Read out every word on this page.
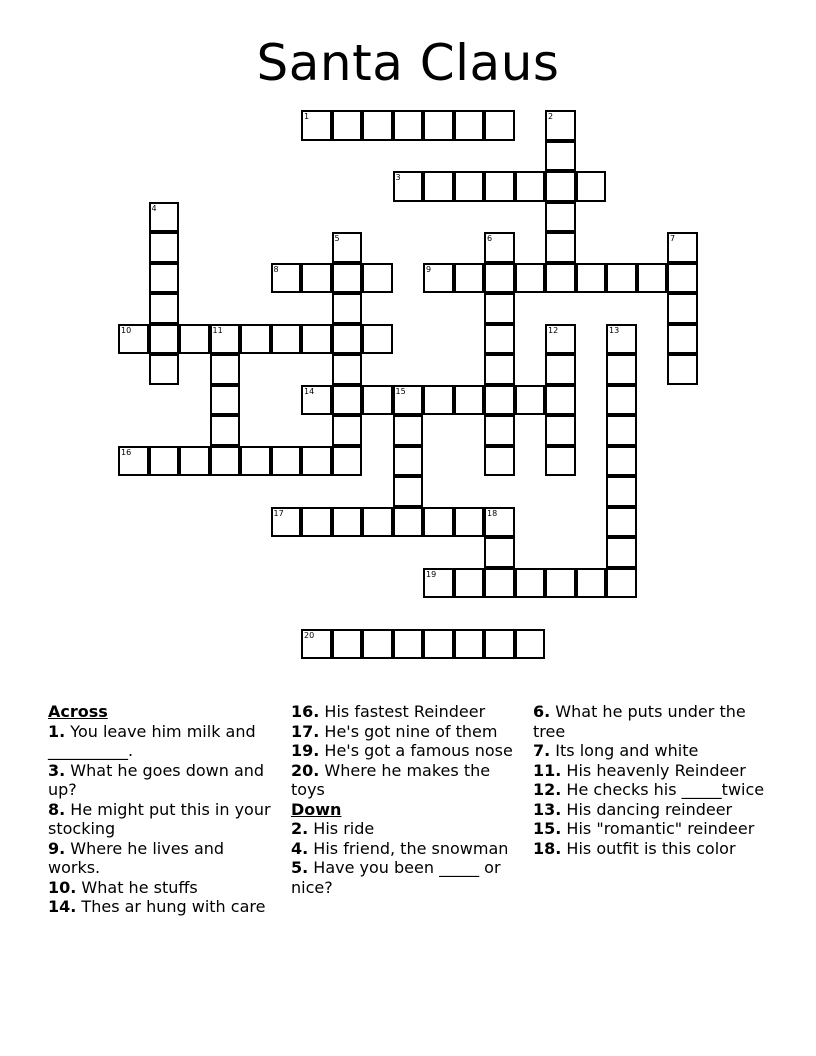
Santa Claus
1	2
3
4
5	6	7
8	9
10	11	12	13
14	15
16
17	18
19
20
Across
1. You leave him milk and __________.
3. What he goes down and up?
8. He might put this in your stocking
9. Where he lives and works.
10. What he stuffs
14. Thes ar hung with care
16. His fastest Reindeer
17. He's got nine of them
19. He's got a famous nose
20. Where he makes the toys
Down
2. His ride
4. His friend, the snowman
5. Have you been _____ or nice?
6. What he puts under the tree
7. Its long and white
11. His heavenly Reindeer
12. He checks his _____twice
13. His dancing reindeer
15. His "romantic" reindeer
18. His outfit is this color
